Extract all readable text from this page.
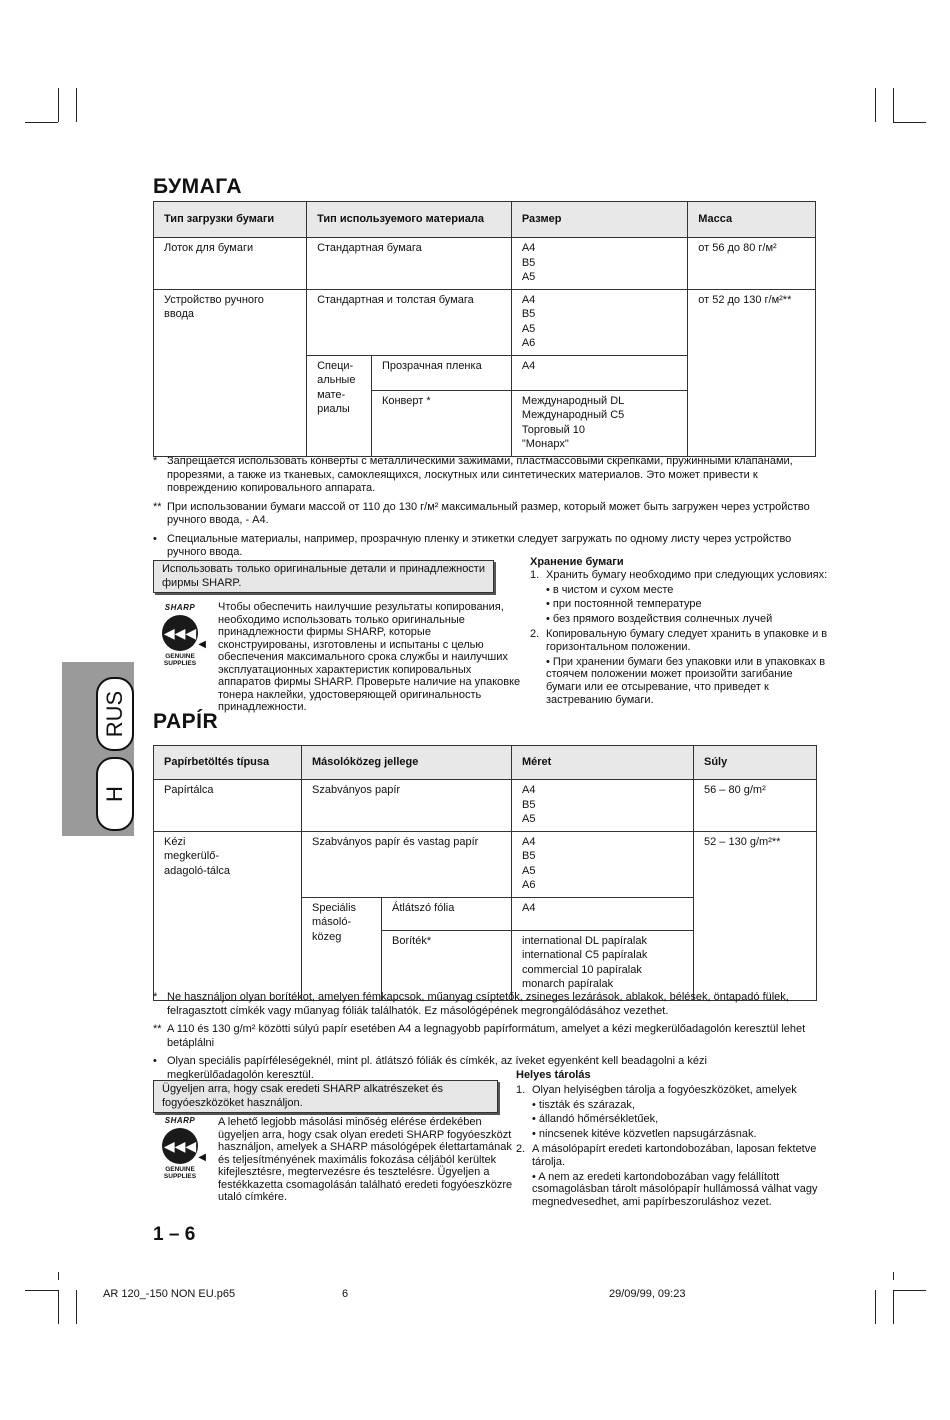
RUS
H
БУМАГА
Тип загрузки бумаги	Тип используемого материала		Размер	Масса
Лоток для бумаги	Стандартная бумага		A4
B5
A5	от 56 до 80 г/м²
Устройство ручного ввода	Стандартная и толстая бумага		A4
B5
A5
A6	от 52 до 130 г/м²**
	Специ-
альные
мате-
риалы	Прозрачная пленка	A4	
		Конверт *	Международный DL
Международный C5
Торговый 10
"Монарх"	
* Запрещается использовать конверты с металлическими зажимами, пластмассовыми скрепками, пружинными клапанами, прорезями, а также из тканевых, самоклеящихся, лоскутных или синтетических материалов. Это может привести к повреждению копировального аппарата.
** При использовании бумаги массой от 110 до 130 г/м² максимальный размер, который может быть загружен через устройство ручного ввода, - A4.
• Специальные материалы, например, прозрачную пленку и этикетки следует загружать по одному листу через устройство ручного ввода.
Использовать только оригинальные детали и принадлежности фирмы SHARP.
SHARP
◀◀◀
◀
GENUINE SUPPLIES
Чтобы обеспечить наилучшие результаты копирования, необходимо использовать только оригинальные принадлежности фирмы SHARP, которые сконструированы, изготовлены и испытаны с целью обеспечения максимального срока службы и наилучших эксплуатационных характеристик копировальных аппаратов фирмы SHARP. Проверьте наличие на упаковке тонера наклейки, удостоверяющей оригинальность принадлежности.
Хранение бумаги
1. Хранить бумагу необходимо при следующих условиях:
• в чистом и сухом месте
• при постоянной температуре
• без прямого воздействия солнечных лучей
2. Копировальную бумагу следует хранить в упаковке и в горизонтальном положении.
• При хранении бумаги без упаковки или в упаковках в стоячем положении может произойти загибание бумаги или ее отсыревание, что приведет к застреванию бумаги.
PAPÍR
Papírbetöltés típusa	Másolóközeg jellege		Méret	Súly
Papírtálca	Szabványos papír		A4
B5
A5	56 – 80 g/m²
Kézi
megkerülő-
adagoló-tálca	Szabványos papír és vastag papír		A4
B5
A5
A6	52 – 130 g/m²**
	Speciális
másoló-
közeg	Átlátszó fólia	A4	
		Boríték*	international DL papíralak
international C5 papíralak
commercial 10 papíralak
monarch papíralak	
* Ne használjon olyan borítékot, amelyen fémkapcsok, műanyag csíptetők, zsineges lezárások, ablakok, bélések, öntapadó fülek, felragasztott címkék vagy műanyag fóliák találhatók. Ez másológépének megrongálódásához vezethet.
** A 110 és 130 g/m² közötti súlyú papír esetében A4 a legnagyobb papírformátum, amelyet a kézi megkerülőadagolón keresztül lehet betáplálni
• Olyan speciális papírféleségeknél, mint pl. átlátszó fóliák és címkék, az íveket egyenként kell beadagolni a kézi megkerülőadagolón keresztül.
Ügyeljen arra, hogy csak eredeti SHARP alkatrészeket és fogyóeszközöket használjon.
SHARP
◀◀◀
◀
GENUINE SUPPLIES
A lehető legjobb másolási minőség elérése érdekében ügyeljen arra, hogy csak olyan eredeti SHARP fogyóeszközt használjon, amelyek a SHARP másológépek élettartamának és teljesítményének maximális fokozása céljából kerültek kifejlesztésre, megtervezésre és tesztelésre. Ügyeljen a festékkazetta csomagolásán található eredeti fogyóeszközre utaló címkére.
Helyes tárolás
1. Olyan helyiségben tárolja a fogyóeszközöket, amelyek
• tiszták és szárazak,
• állandó hőmérsékletűek,
• nincsenek kitéve közvetlen napsugárzásnak.
2. A másolópapírt eredeti kartondobozában, laposan fektetve tárolja.
• A nem az eredeti kartondobozában vagy felállított csomagolásban tárolt másolópapír hullámossá válhat vagy megnedvesedhet, ami papírbeszoruláshoz vezet.
1 – 6
AR 120_-150 NON EU.p65	6	29/09/99, 09:23
